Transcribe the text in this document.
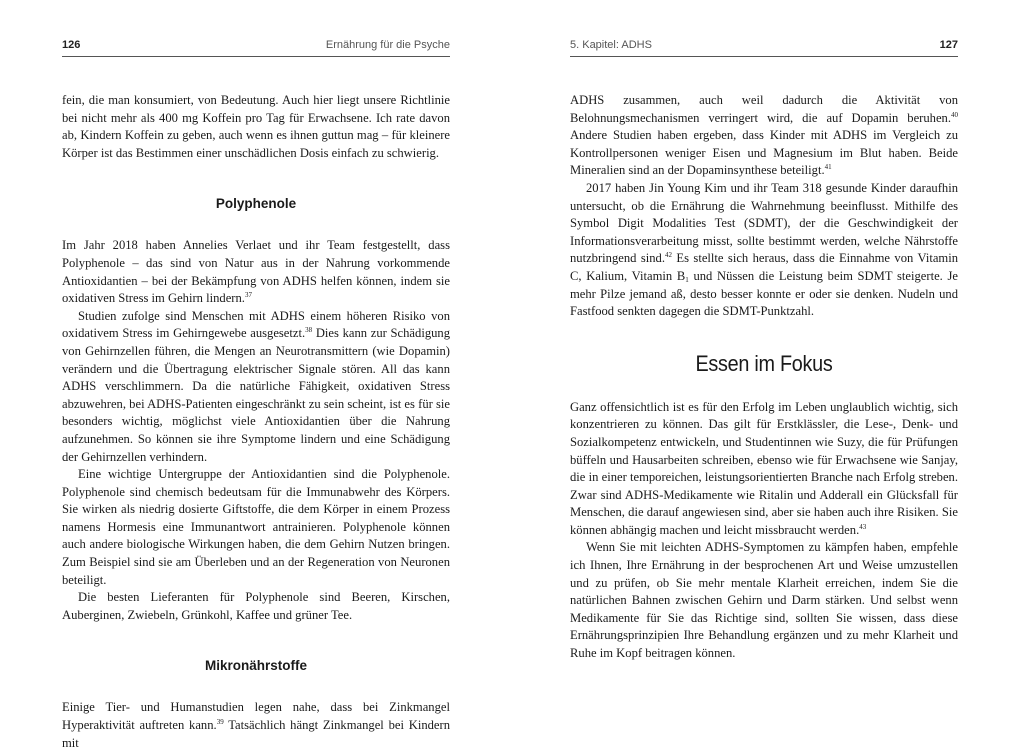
126	Ernährung für die Psyche

fein, die man konsumiert, von Bedeutung. Auch hier liegt unsere Richtlinie bei nicht mehr als 400 mg Koffein pro Tag für Erwachsene. Ich rate davon ab, Kindern Koffein zu geben, auch wenn es ihnen guttun mag – für kleinere Körper ist das Bestimmen einer unschädlichen Dosis einfach zu schwierig.

Polyphenole

Im Jahr 2018 haben Annelies Verlaet und ihr Team festgestellt, dass Polyphenole – das sind von Natur aus in der Nahrung vorkommende Antioxidantien – bei der Bekämpfung von ADHS helfen können, indem sie oxidativen Stress im Gehirn lindern.$^{37}$

Studien zufolge sind Menschen mit ADHS einem höheren Risiko von oxidativem Stress im Gehirngewebe ausgesetzt.$^{38}$ Dies kann zur Schädigung von Gehirnzellen führen, die Mengen an Neurotransmittern (wie Dopamin) verändern und die Übertragung elektrischer Signale stören. All das kann ADHS verschlimmern. Da die natürliche Fähigkeit, oxidativen Stress abzuwehren, bei ADHS-Patienten eingeschränkt zu sein scheint, ist es für sie besonders wichtig, möglichst viele Antioxidantien über die Nahrung aufzunehmen. So können sie ihre Symptome lindern und eine Schädigung der Gehirnzellen verhindern.

Eine wichtige Untergruppe der Antioxidantien sind die Polyphenole. Polyphenole sind chemisch bedeutsam für die Immunabwehr des Körpers. Sie wirken als niedrig dosierte Giftstoffe, die dem Körper in einem Prozess namens Hormesis eine Immunantwort antrainieren. Polyphenole können auch andere biologische Wirkungen haben, die dem Gehirn Nutzen bringen. Zum Beispiel sind sie am Überleben und an der Regeneration von Neuronen beteiligt.

Die besten Lieferanten für Polyphenole sind Beeren, Kirschen, Auberginen, Zwiebeln, Grünkohl, Kaffee und grüner Tee.

Mikronährstoffe

Einige Tier- und Humanstudien legen nahe, dass bei Zinkmangel Hyperaktivität auftreten kann.$^{39}$ Tatsächlich hängt Zinkmangel bei Kindern mit

5. Kapitel: ADHS	127

ADHS zusammen, auch weil dadurch die Aktivität von Belohnungsmechanismen verringert wird, die auf Dopamin beruhen.$^{40}$ Andere Studien haben ergeben, dass Kinder mit ADHS im Vergleich zu Kontrollpersonen weniger Eisen und Magnesium im Blut haben. Beide Mineralien sind an der Dopaminsynthese beteiligt.$^{41}$

2017 haben Jin Young Kim und ihr Team 318 gesunde Kinder daraufhin untersucht, ob die Ernährung die Wahrnehmung beeinflusst. Mithilfe des Symbol Digit Modalities Test (SDMT), der die Geschwindigkeit der Informationsverarbeitung misst, sollte bestimmt werden, welche Nährstoffe nutzbringend sind.$^{42}$ Es stellte sich heraus, dass die Einnahme von Vitamin C, Kalium, Vitamin $B_1$ und Nüssen die Leistung beim SDMT steigerte. Je mehr Pilze jemand aß, desto besser konnte er oder sie denken. Nudeln und Fastfood senkten dagegen die SDMT-Punktzahl.

Essen im Fokus

Ganz offensichtlich ist es für den Erfolg im Leben unglaublich wichtig, sich konzentrieren zu können. Das gilt für Erstklässler, die Lese-, Denk- und Sozialkompetenz entwickeln, und Studentinnen wie Suzy, die für Prüfungen büffeln und Hausarbeiten schreiben, ebenso wie für Erwachsene wie Sanjay, die in einer temporeichen, leistungsorientierten Branche nach Erfolg streben. Zwar sind ADHS-Medikamente wie Ritalin und Adderall ein Glücksfall für Menschen, die darauf angewiesen sind, aber sie haben auch ihre Risiken. Sie können abhängig machen und leicht missbraucht werden.$^{43}$

Wenn Sie mit leichten ADHS-Symptomen zu kämpfen haben, empfehle ich Ihnen, Ihre Ernährung in der besprochenen Art und Weise umzustellen und zu prüfen, ob Sie mehr mentale Klarheit erreichen, indem Sie die natürlichen Bahnen zwischen Gehirn und Darm stärken. Und selbst wenn Medikamente für Sie das Richtige sind, sollten Sie wissen, dass diese Ernährungsprinzipien Ihre Behandlung ergänzen und zu mehr Klarheit und Ruhe im Kopf beitragen können.
